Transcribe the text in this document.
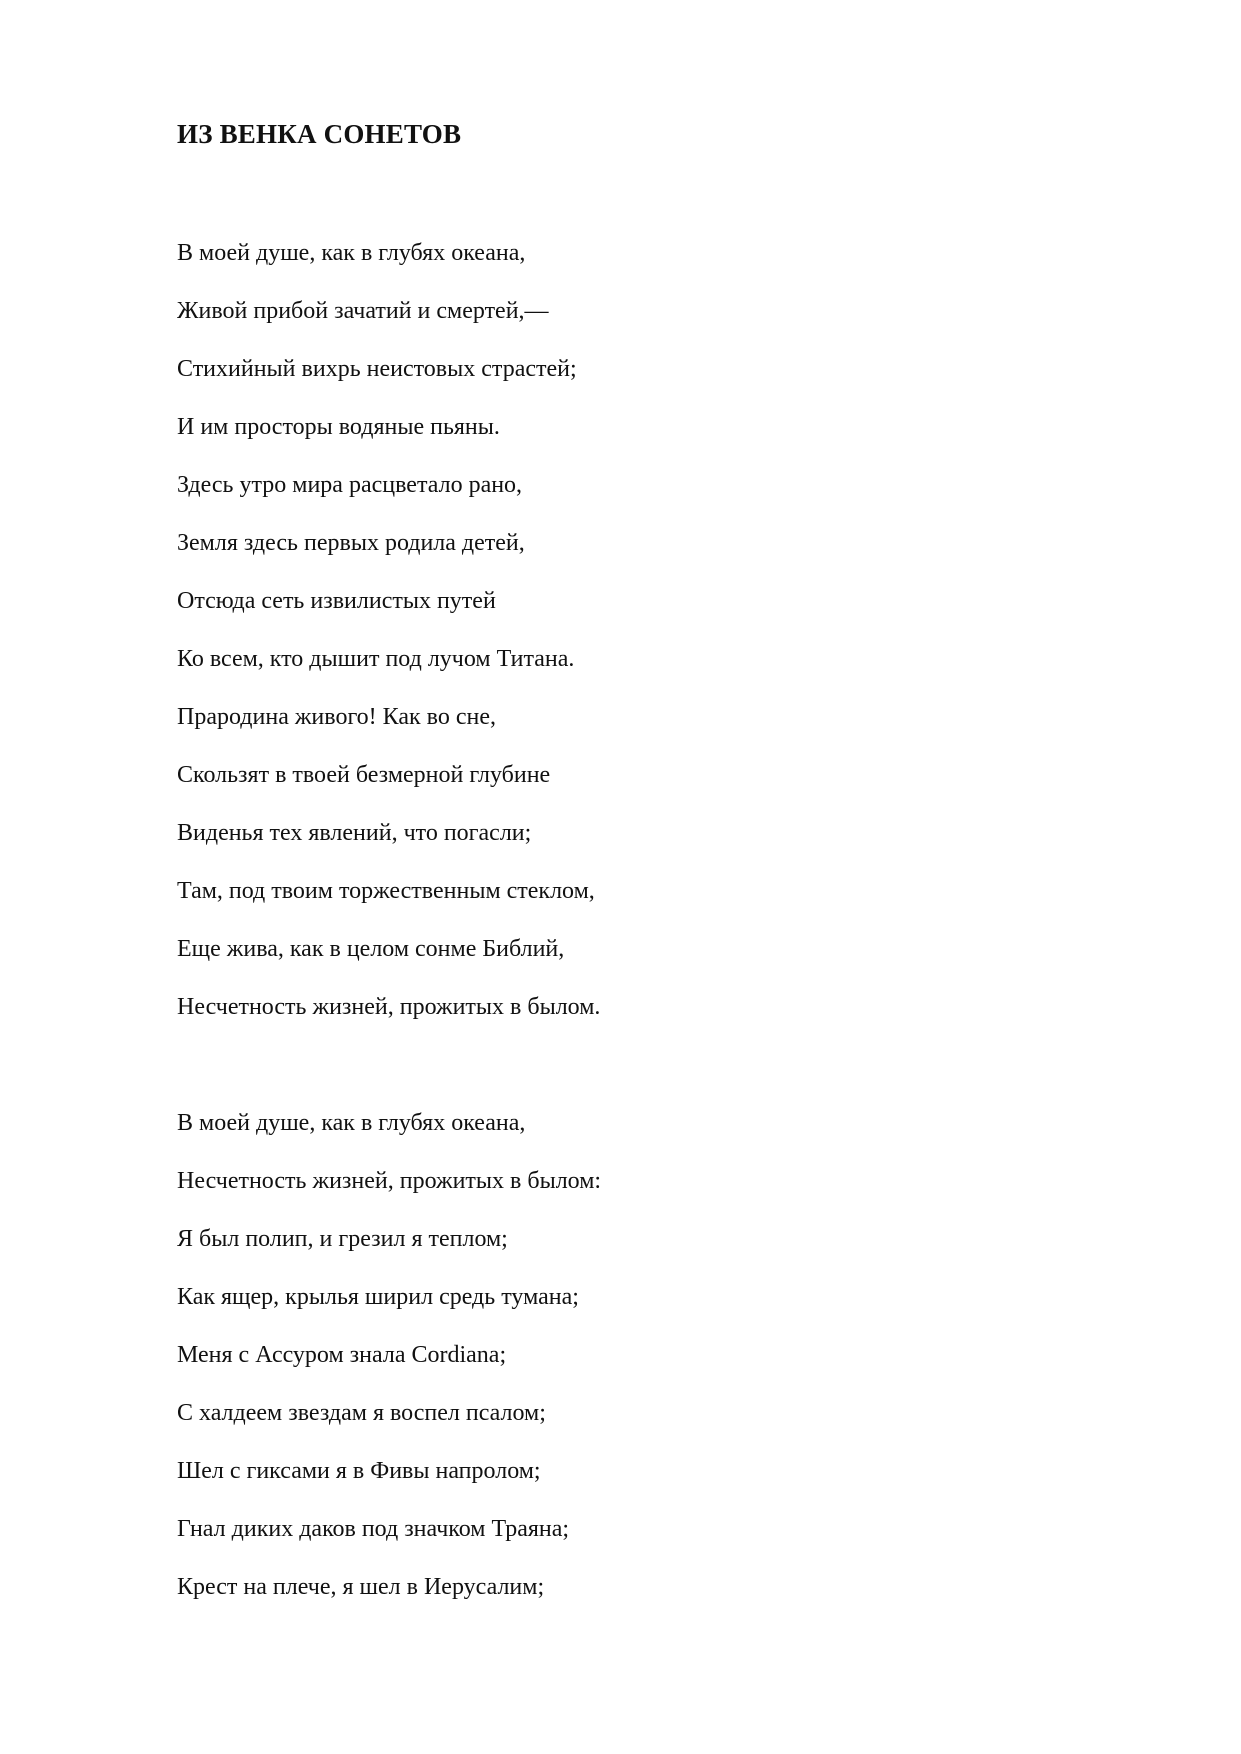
ИЗ ВЕНКА СОНЕТОВ
В моей душе, как в глубях океана,
Живой прибой зачатий и смертей,—
Стихийный вихрь неистовых страстей;
И им просторы водяные пьяны.
Здесь утро мира расцветало рано,
Земля здесь первых родила детей,
Отсюда сеть извилистых путей
Ко всем, кто дышит под лучом Титана.
Прародина живого! Как во сне,
Скользят в твоей безмерной глубине
Виденья тех явлений, что погасли;
Там, под твоим торжественным стеклом,
Еще жива, как в целом сонме Библий,
Несчетность жизней, прожитых в былом.
В моей душе, как в глубях океана,
Несчетность жизней, прожитых в былом:
Я был полип, и грезил я теплом;
Как ящер, крылья ширил средь тумана;
Меня с Ассуром знала Cordiana;
С халдеем звездам я воспел псалом;
Шел с гиксами я в Фивы напролом;
Гнал диких даков под значком Траяна;
Крест на плече, я шел в Иерусалим;
